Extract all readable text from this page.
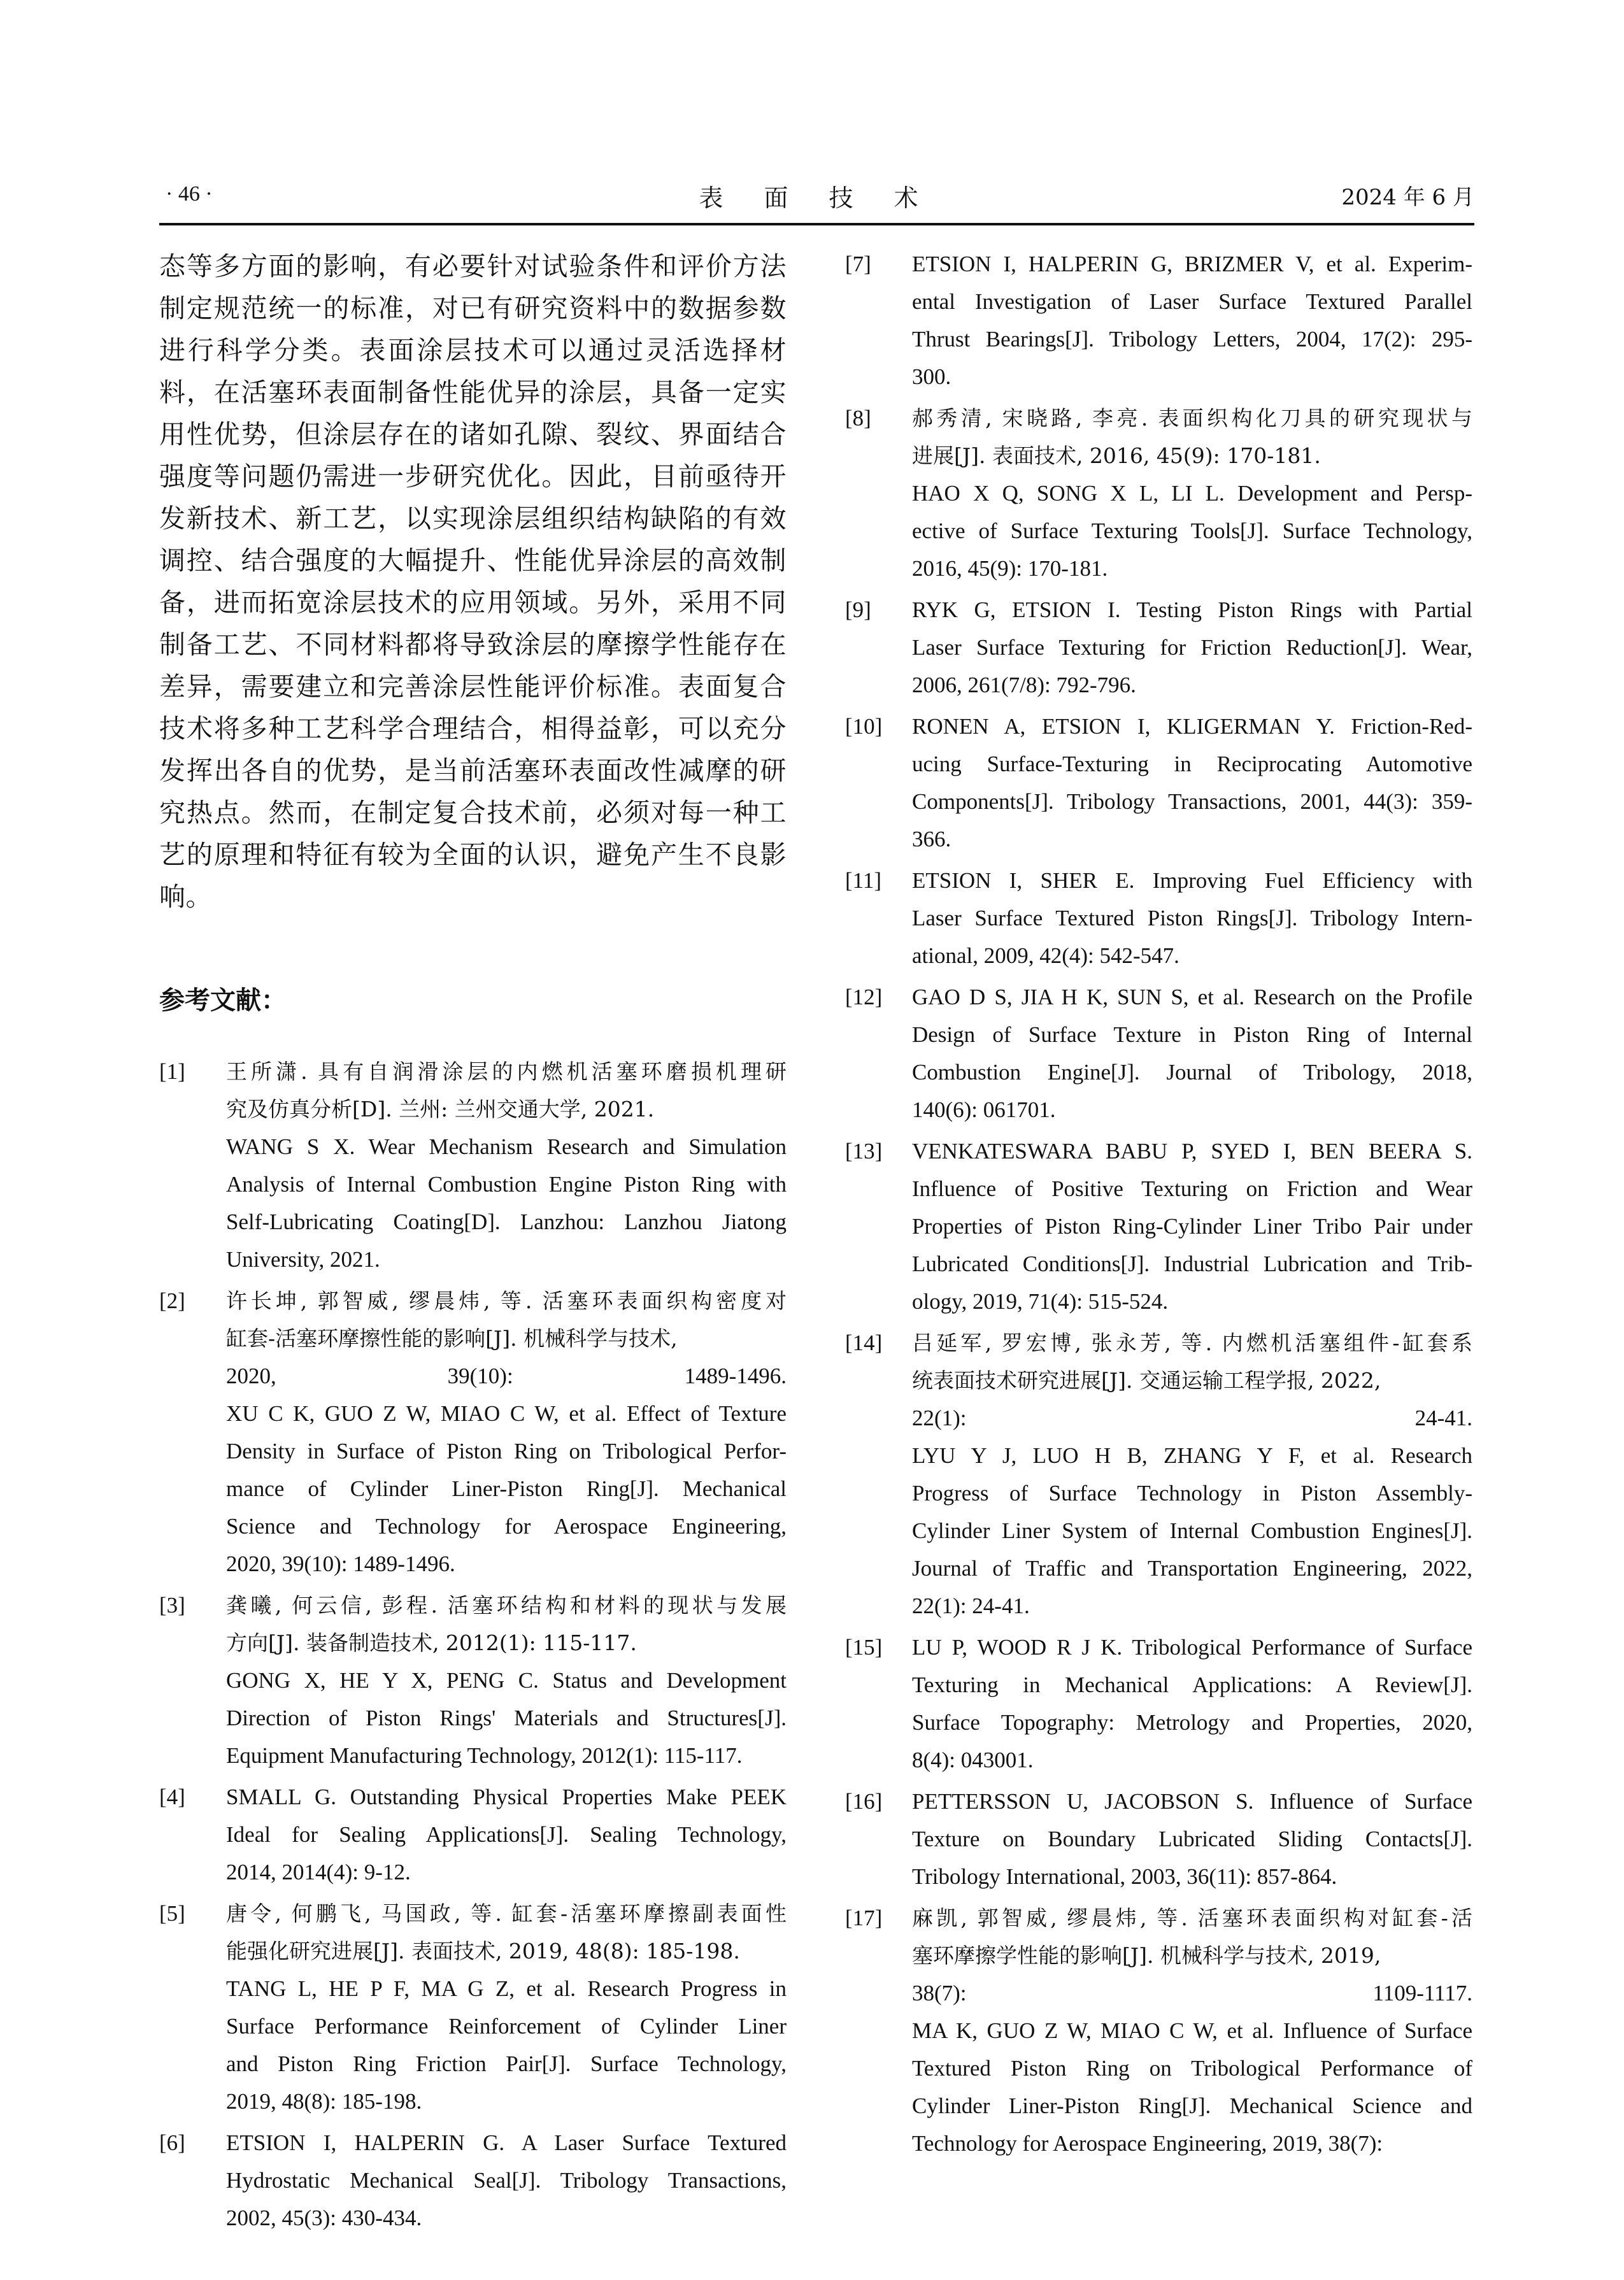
· 46 ·	表 面 技 术	2024 年 6 月

态等多方面的影响，有必要针对试验条件和评价方法

制定规范统一的标准，对已有研究资料中的数据参数

进行科学分类。表面涂层技术可以通过灵活选择材

料，在活塞环表面制备性能优异的涂层，具备一定实

用性优势，但涂层存在的诸如孔隙、裂纹、界面结合

强度等问题仍需进一步研究优化。因此，目前亟待开

发新技术、新工艺，以实现涂层组织结构缺陷的有效

调控、结合强度的大幅提升、性能优异涂层的高效制

备，进而拓宽涂层技术的应用领域。另外，采用不同

制备工艺、不同材料都将导致涂层的摩擦学性能存在

差异，需要建立和完善涂层性能评价标准。表面复合

技术将多种工艺科学合理结合，相得益彰，可以充分

发挥出各自的优势，是当前活塞环表面改性减摩的研

究热点。然而，在制定复合技术前，必须对每一种工

艺的原理和特征有较为全面的认识，避免产生不良影响。

参考文献：
[1] 王所潇. 具有自润滑涂层的内燃机活塞环磨损机理研

究及仿真分析[D]. 兰州: 兰州交通大学, 2021.

WANG S X. Wear Mechanism Research and Simulation

Analysis of Internal Combustion Engine Piston Ring with

Self-Lubricating Coating[D]. Lanzhou: Lanzhou Jiatong

University, 2021.

[2] 许长坤, 郭智威, 缪晨炜, 等. 活塞环表面织构密度对

缸套-活塞环摩擦性能的影响[J]. 机械科学与技术,

2020, 39(10): 1489-1496.

XU C K, GUO Z W, MIAO C W, et al. Effect of Texture

Density in Surface of Piston Ring on Tribological Perfor-

mance of Cylinder Liner-Piston Ring[J]. Mechanical

Science and Technology for Aerospace Engineering,

2020, 39(10): 1489-1496.

[3] 龚曦, 何云信, 彭程. 活塞环结构和材料的现状与发展

方向[J]. 装备制造技术, 2012(1): 115-117.

GONG X, HE Y X, PENG C. Status and Development

Direction of Piston Rings' Materials and Structures[J].

Equipment Manufacturing Technology, 2012(1): 115-117.

[4] SMALL G. Outstanding Physical Properties Make PEEK

Ideal for Sealing Applications[J]. Sealing Technology,

2014, 2014(4): 9-12.

[5] 唐令, 何鹏飞, 马国政, 等. 缸套-活塞环摩擦副表面性

能强化研究进展[J]. 表面技术, 2019, 48(8): 185-198.

TANG L, HE P F, MA G Z, et al. Research Progress in

Surface Performance Reinforcement of Cylinder Liner

and Piston Ring Friction Pair[J]. Surface Technology,

2019, 48(8): 185-198.

[6] ETSION I, HALPERIN G. A Laser Surface Textured

Hydrostatic Mechanical Seal[J]. Tribology Transactions,

2002, 45(3): 430-434.

[7] ETSION I, HALPERIN G, BRIZMER V, et al. Experim-

ental Investigation of Laser Surface Textured Parallel

Thrust Bearings[J]. Tribology Letters, 2004, 17(2): 295-

300.

[8] 郝秀清, 宋晓路, 李亮. 表面织构化刀具的研究现状与

进展[J]. 表面技术, 2016, 45(9): 170-181.

HAO X Q, SONG X L, LI L. Development and Persp-

ective of Surface Texturing Tools[J]. Surface Technology,

2016, 45(9): 170-181.

[9] RYK G, ETSION I. Testing Piston Rings with Partial

Laser Surface Texturing for Friction Reduction[J]. Wear,

2006, 261(7/8): 792-796.

[10] RONEN A, ETSION I, KLIGERMAN Y. Friction-Red-

ucing Surface-Texturing in Reciprocating Automotive

Components[J]. Tribology Transactions, 2001, 44(3): 359-

366.

[11] ETSION I, SHER E. Improving Fuel Efficiency with

Laser Surface Textured Piston Rings[J]. Tribology Intern-

ational, 2009, 42(4): 542-547.

[12] GAO D S, JIA H K, SUN S, et al. Research on the Profile

Design of Surface Texture in Piston Ring of Internal

Combustion Engine[J]. Journal of Tribology, 2018,

140(6): 061701.

[13] VENKATESWARA BABU P, SYED I, BEN BEERA S.

Influence of Positive Texturing on Friction and Wear

Properties of Piston Ring-Cylinder Liner Tribo Pair under

Lubricated Conditions[J]. Industrial Lubrication and Trib-

ology, 2019, 71(4): 515-524.

[14] 吕延军, 罗宏博, 张永芳, 等. 内燃机活塞组件-缸套系

统表面技术研究进展[J]. 交通运输工程学报, 2022,

22(1): 24-41.

LYU Y J, LUO H B, ZHANG Y F, et al. Research

Progress of Surface Technology in Piston Assembly-

Cylinder Liner System of Internal Combustion Engines[J].

Journal of Traffic and Transportation Engineering, 2022,

22(1): 24-41.

[15] LU P, WOOD R J K. Tribological Performance of Surface

Texturing in Mechanical Applications: A Review[J].

Surface Topography: Metrology and Properties, 2020,

8(4): 043001.

[16] PETTERSSON U, JACOBSON S. Influence of Surface

Texture on Boundary Lubricated Sliding Contacts[J].

Tribology International, 2003, 36(11): 857-864.

[17] 麻凯, 郭智威, 缪晨炜, 等. 活塞环表面织构对缸套-活

塞环摩擦学性能的影响[J]. 机械科学与技术, 2019,

38(7): 1109-1117.

MA K, GUO Z W, MIAO C W, et al. Influence of Surface

Textured Piston Ring on Tribological Performance of

Cylinder Liner-Piston Ring[J]. Mechanical Science and

Technology for Aerospace Engineering, 2019, 38(7):
